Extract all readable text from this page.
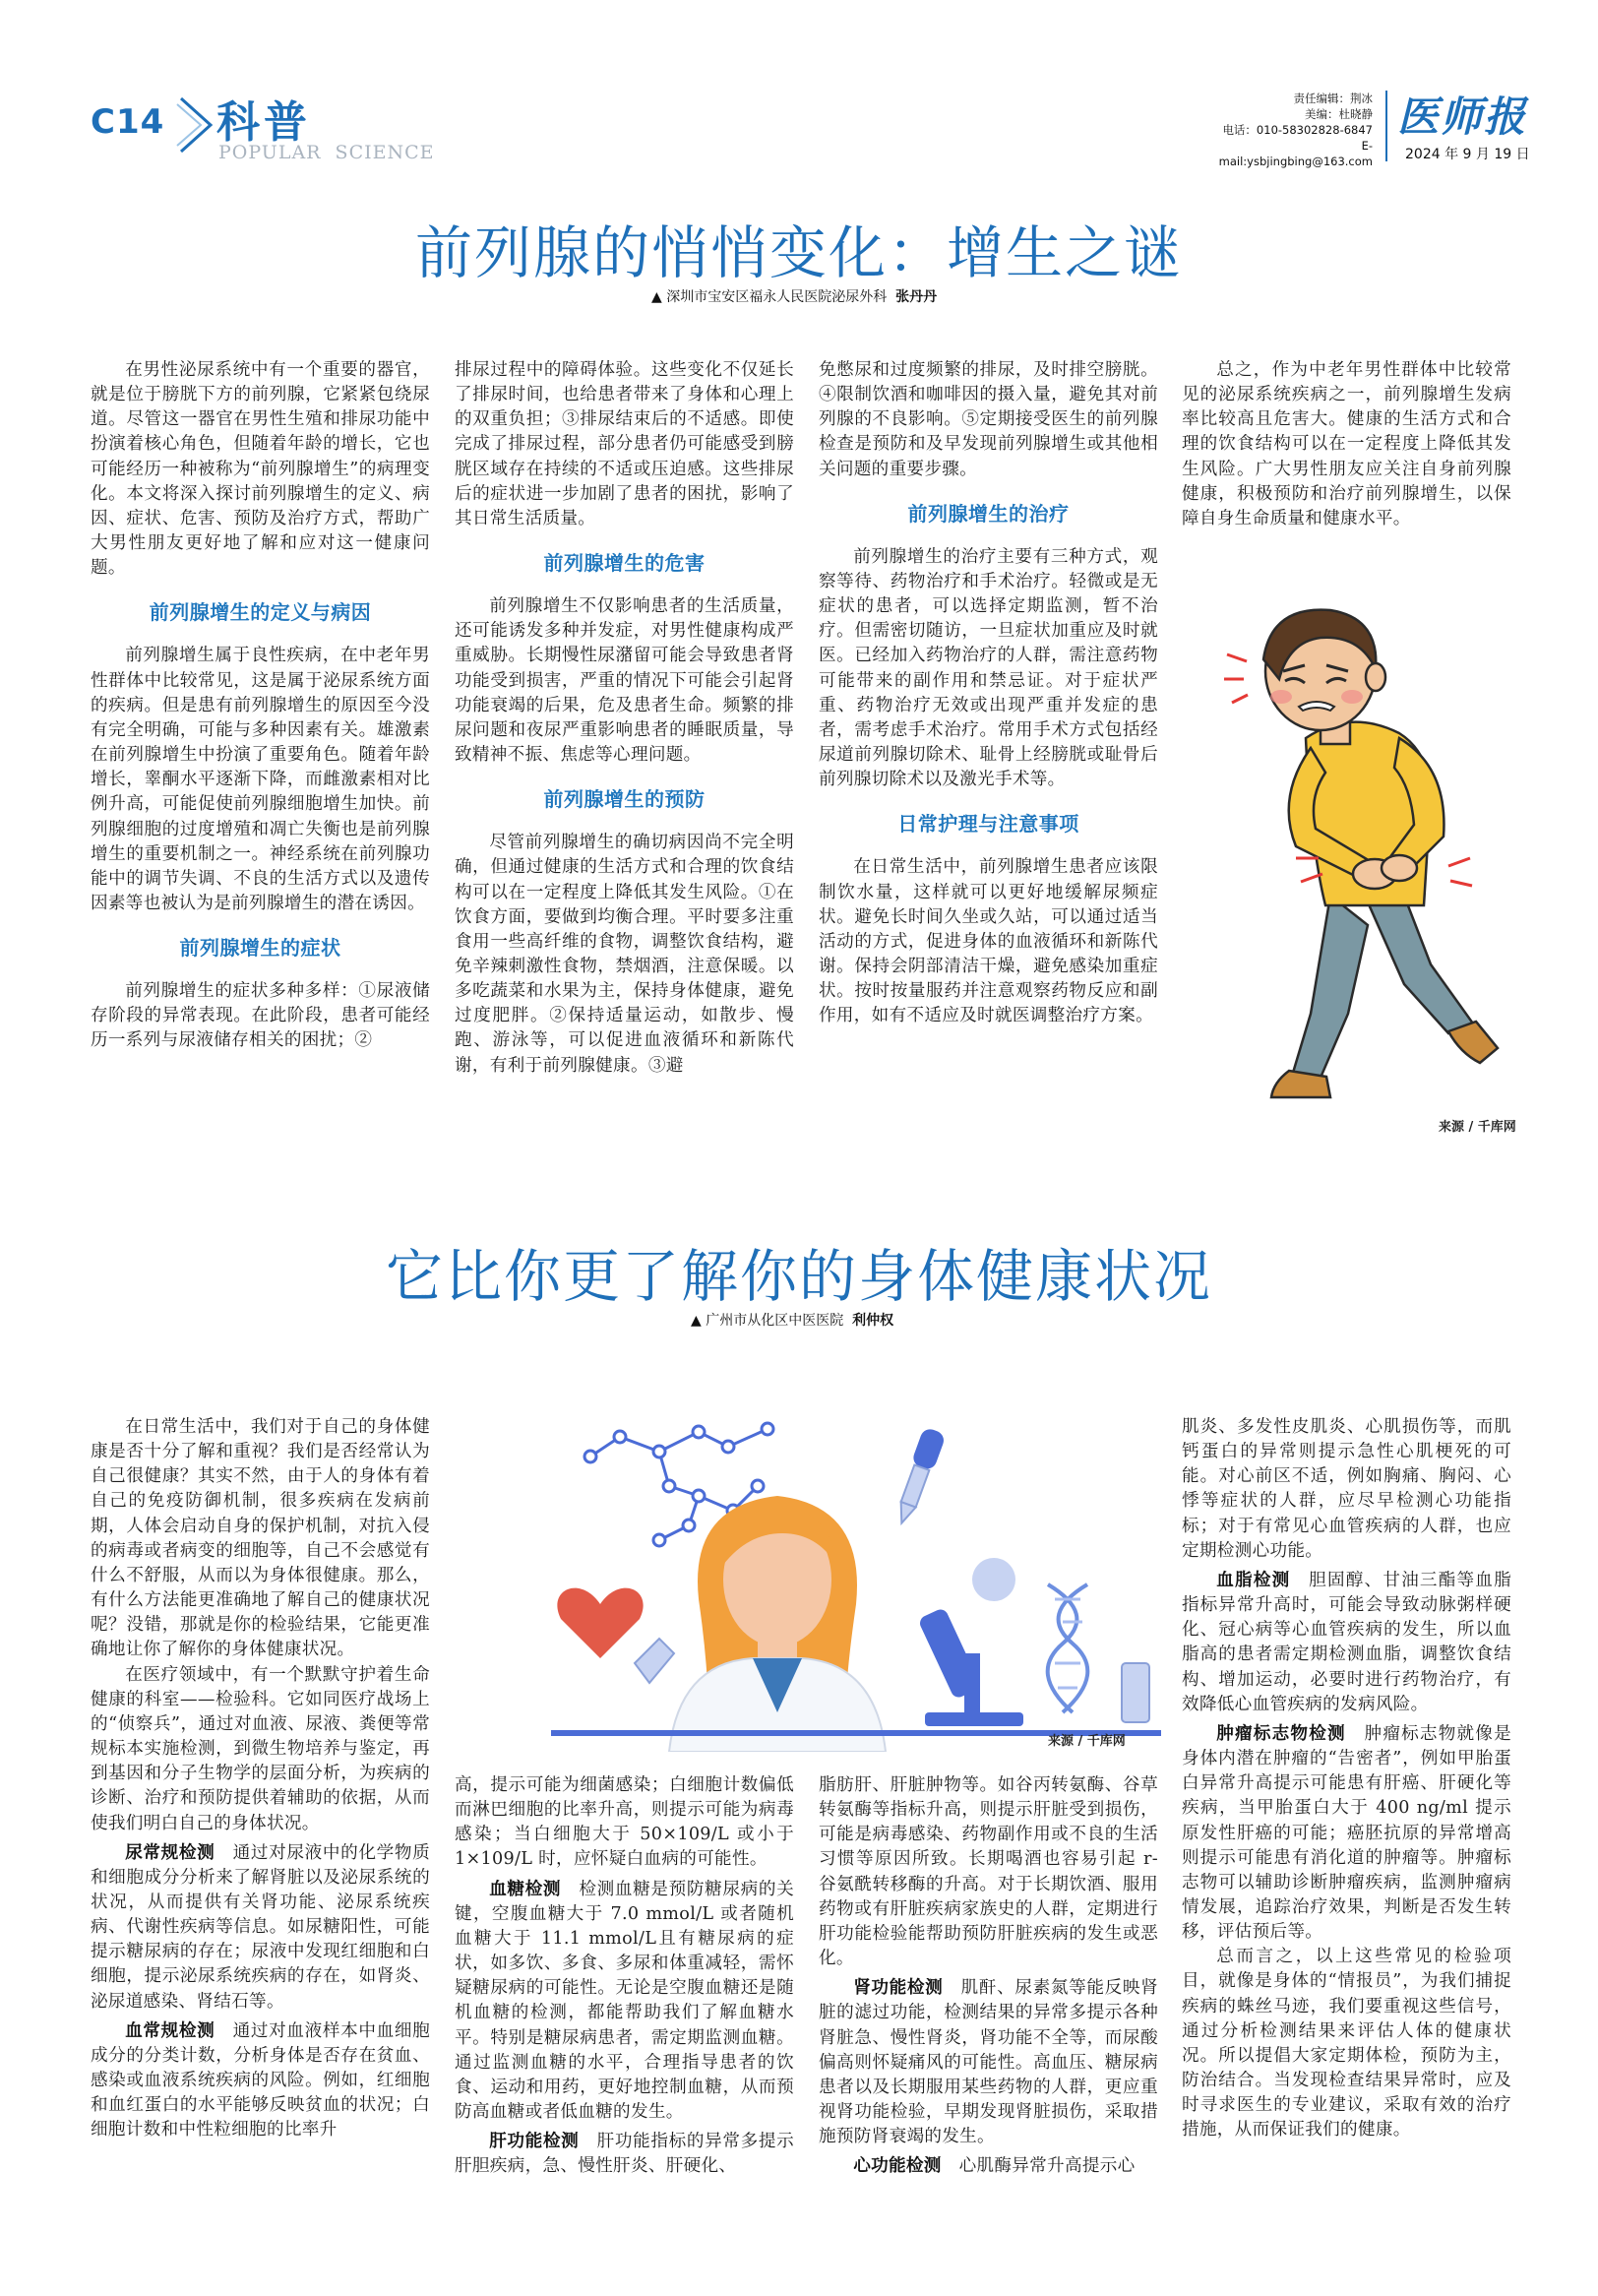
C14 科普
POPULAR  SCIENCE
责任编辑：荆冰
美编：杜晓静
电话：010-58302828-6847
E-mail:ysbjingbing@163.com
医师报
2024 年 9 月 19 日
前列腺的悄悄变化：增生之谜
▲ 深圳市宝安区福永人民医院泌尿外科 张丹丹

在男性泌尿系统中有一个重要的器官，就是位于膀胱下方的前列腺，它紧紧包绕尿道。尽管这一器官在男性生殖和排尿功能中扮演着核心角色，但随着年龄的增长，它也可能经历一种被称为“前列腺增生”的病理变化。本文将深入探讨前列腺增生的定义、病因、症状、危害、预防及治疗方式，帮助广大男性朋友更好地了解和应对这一健康问题。

前列腺增生的定义与病因

前列腺增生属于良性疾病，在中老年男性群体中比较常见，这是属于泌尿系统方面的疾病。但是患有前列腺增生的原因至今没有完全明确，可能与多种因素有关。雄激素在前列腺增生中扮演了重要角色。随着年龄增长，睾酮水平逐渐下降，而雌激素相对比例升高，可能促使前列腺细胞增生加快。前列腺细胞的过度增殖和凋亡失衡也是前列腺增生的重要机制之一。神经系统在前列腺功能中的调节失调、不良的生活方式以及遗传因素等也被认为是前列腺增生的潜在诱因。

前列腺增生的症状

前列腺增生的症状多种多样：①尿液储存阶段的异常表现。在此阶段，患者可能经历一系列与尿液储存相关的困扰；②

排尿过程中的障碍体验。这些变化不仅延长了排尿时间，也给患者带来了身体和心理上的双重负担；③排尿结束后的不适感。即使完成了排尿过程，部分患者仍可能感受到膀胱区域存在持续的不适或压迫感。这些排尿后的症状进一步加剧了患者的困扰，影响了其日常生活质量。

前列腺增生的危害

前列腺增生不仅影响患者的生活质量，还可能诱发多种并发症，对男性健康构成严重威胁。长期慢性尿潴留可能会导致患者肾功能受到损害，严重的情况下可能会引起肾功能衰竭的后果，危及患者生命。频繁的排尿问题和夜尿严重影响患者的睡眠质量，导致精神不振、焦虑等心理问题。

前列腺增生的预防

尽管前列腺增生的确切病因尚不完全明确，但通过健康的生活方式和合理的饮食结构可以在一定程度上降低其发生风险。①在饮食方面，要做到均衡合理。平时要多注重食用一些高纤维的食物，调整饮食结构，避免辛辣刺激性食物，禁烟酒，注意保暖。以多吃蔬菜和水果为主，保持身体健康，避免过度肥胖。②保持适量运动，如散步、慢跑、游泳等，可以促进血液循环和新陈代谢，有利于前列腺健康。③避

免憋尿和过度频繁的排尿，及时排空膀胱。④限制饮酒和咖啡因的摄入量，避免其对前列腺的不良影响。⑤定期接受医生的前列腺检查是预防和及早发现前列腺增生或其他相关问题的重要步骤。

前列腺增生的治疗

前列腺增生的治疗主要有三种方式，观察等待、药物治疗和手术治疗。轻微或是无症状的患者，可以选择定期监测，暂不治疗。但需密切随访，一旦症状加重应及时就医。已经加入药物治疗的人群，需注意药物可能带来的副作用和禁忌证。对于症状严重、药物治疗无效或出现严重并发症的患者，需考虑手术治疗。常用手术方式包括经尿道前列腺切除术、耻骨上经膀胱或耻骨后前列腺切除术以及激光手术等。

日常护理与注意事项

在日常生活中，前列腺增生患者应该限制饮水量，这样就可以更好地缓解尿频症状。避免长时间久坐或久站，可以通过适当活动的方式，促进身体的血液循环和新陈代谢。保持会阴部清洁干燥，避免感染加重症状。按时按量服药并注意观察药物反应和副作用，如有不适应及时就医调整治疗方案。

总之，作为中老年男性群体中比较常见的泌尿系统疾病之一，前列腺增生发病率比较高且危害大。健康的生活方式和合理的饮食结构可以在一定程度上降低其发生风险。广大男性朋友应关注自身前列腺健康，积极预防和治疗前列腺增生，以保障自身生命质量和健康水平。

来源 / 千库网
它比你更了解你的身体健康状况
▲ 广州市从化区中医医院 利仲权

在日常生活中，我们对于自己的身体健康是否十分了解和重视？我们是否经常认为自己很健康？其实不然，由于人的身体有着自己的免疫防御机制，很多疾病在发病前期，人体会启动自身的保护机制，对抗入侵的病毒或者病变的细胞等，自己不会感觉有什么不舒服，从而以为身体很健康。那么，有什么方法能更准确地了解自己的健康状况呢？没错，那就是你的检验结果，它能更准确地让你了解你的身体健康状况。

在医疗领域中，有一个默默守护着生命健康的科室——检验科。它如同医疗战场上的“侦察兵”，通过对血液、尿液、粪便等常规标本实施检测，到微生物培养与鉴定，再到基因和分子生物学的层面分析，为疾病的诊断、治疗和预防提供着辅助的依据，从而使我们明白自己的身体状况。

尿常规检测  通过对尿液中的化学物质和细胞成分分析来了解肾脏以及泌尿系统的状况，从而提供有关肾功能、泌尿系统疾病、代谢性疾病等信息。如尿糖阳性，可能提示糖尿病的存在；尿液中发现红细胞和白细胞，提示泌尿系统疾病的存在，如肾炎、泌尿道感染、肾结石等。

血常规检测  通过对血液样本中血细胞成分的分类计数，分析身体是否存在贫血、感染或血液系统疾病的风险。例如，红细胞和血红蛋白的水平能够反映贫血的状况；白细胞计数和中性粒细胞的比率升

高，提示可能为细菌感染；白细胞计数偏低而淋巴细胞的比率升高，则提示可能为病毒感染；当白细胞大于 50×109/L 或小于 1×109/L 时，应怀疑白血病的可能性。

血糖检测  检测血糖是预防糖尿病的关键，空腹血糖大于 7.0 mmol/L 或者随机血糖大于 11.1 mmol/L且有糖尿病的症状，如多饮、多食、多尿和体重减轻，需怀疑糖尿病的可能性。无论是空腹血糖还是随机血糖的检测，都能帮助我们了解血糖水平。特别是糖尿病患者，需定期监测血糖。通过监测血糖的水平，合理指导患者的饮食、运动和用药，更好地控制血糖，从而预防高血糖或者低血糖的发生。

肝功能检测  肝功能指标的异常多提示肝胆疾病，急、慢性肝炎、肝硬化、

脂肪肝、肝脏肿物等。如谷丙转氨酶、谷草转氨酶等指标升高，则提示肝脏受到损伤，可能是病毒感染、药物副作用或不良的生活习惯等原因所致。长期喝酒也容易引起 r- 谷氨酰转移酶的升高。对于长期饮酒、服用药物或有肝脏疾病家族史的人群，定期进行肝功能检验能帮助预防肝脏疾病的发生或恶化。

肾功能检测  肌酐、尿素氮等能反映肾脏的滤过功能，检测结果的异常多提示各种肾脏急、慢性肾炎，肾功能不全等，而尿酸偏高则怀疑痛风的可能性。高血压、糖尿病患者以及长期服用某些药物的人群，更应重视肾功能检验，早期发现肾脏损伤，采取措施预防肾衰竭的发生。

心功能检测  心肌酶异常升高提示心

肌炎、多发性皮肌炎、心肌损伤等，而肌钙蛋白的异常则提示急性心肌梗死的可能。对心前区不适，例如胸痛、胸闷、心悸等症状的人群，应尽早检测心功能指标；对于有常见心血管疾病的人群，也应定期检测心功能。

血脂检测  胆固醇、甘油三酯等血脂指标异常升高时，可能会导致动脉粥样硬化、冠心病等心血管疾病的发生，所以血脂高的患者需定期检测血脂，调整饮食结构、增加运动，必要时进行药物治疗，有效降低心血管疾病的发病风险。

肿瘤标志物检测  肿瘤标志物就像是身体内潜在肿瘤的“告密者”，例如甲胎蛋白异常升高提示可能患有肝癌、肝硬化等疾病，当甲胎蛋白大于 400 ng/ml 提示原发性肝癌的可能；癌胚抗原的异常增高则提示可能患有消化道的肿瘤等。肿瘤标志物可以辅助诊断肿瘤疾病，监测肿瘤病情发展，追踪治疗效果，判断是否发生转移，评估预后等。

总而言之，以上这些常见的检验项目，就像是身体的“情报员”，为我们捕捉疾病的蛛丝马迹，我们要重视这些信号，通过分析检测结果来评估人体的健康状况。所以提倡大家定期体检，预防为主，防治结合。当发现检查结果异常时，应及时寻求医生的专业建议，采取有效的治疗措施，从而保证我们的健康。

来源 / 千库网
